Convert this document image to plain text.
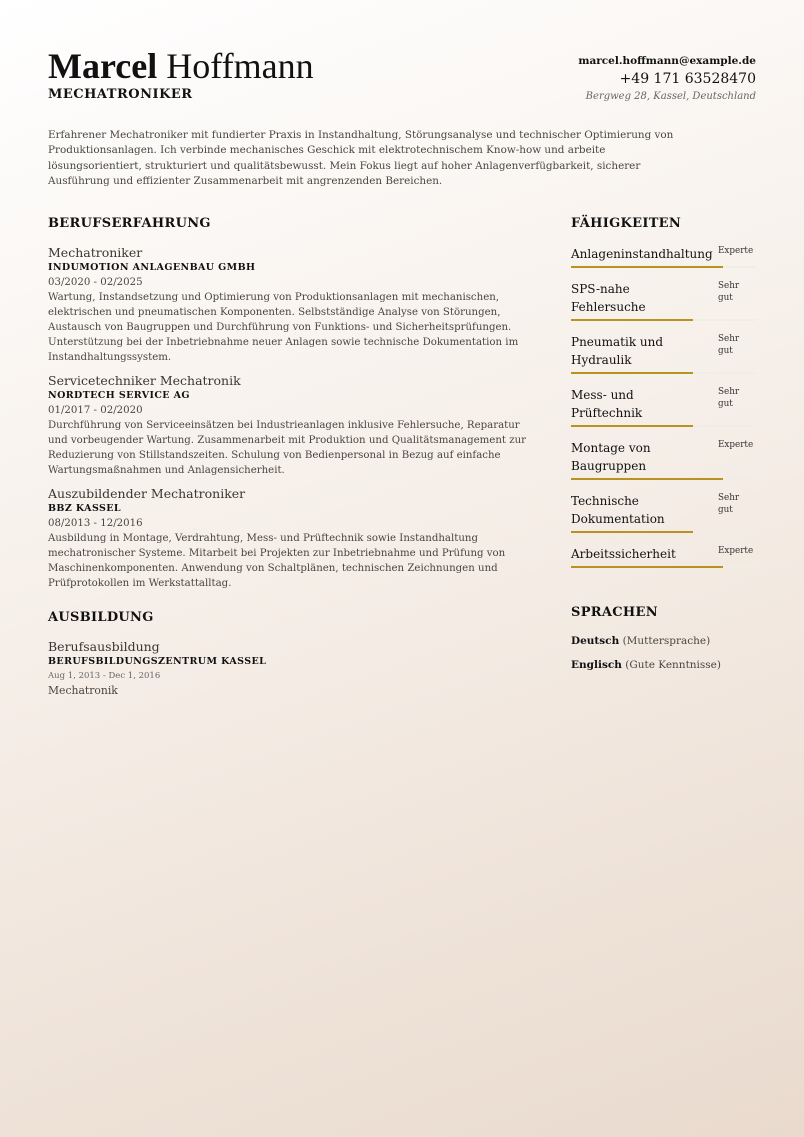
Marcel Hoffmann
MECHATRONIKER
marcel.hoffmann@example.de
+49 171 63528470
Bergweg 28, Kassel, Deutschland
Erfahrener Mechatroniker mit fundierter Praxis in Instandhaltung, Störungsanalyse und technischer Optimierung von Produktionsanlagen. Ich verbinde mechanisches Geschick mit elektrotechnischem Know-how und arbeite lösungsorientiert, strukturiert und qualitätsbewusst. Mein Fokus liegt auf hoher Anlagenverfügbarkeit, sicherer Ausführung und effizienter Zusammenarbeit mit angrenzenden Bereichen.
BERUFSERFAHRUNG
Mechatroniker
INDUMOTION ANLAGENBAU GMBH
03/2020 - 02/2025
Wartung, Instandsetzung und Optimierung von Produktionsanlagen mit mechanischen, elektrischen und pneumatischen Komponenten. Selbstständige Analyse von Störungen, Austausch von Baugruppen und Durchführung von Funktions- und Sicherheitsprüfungen. Unterstützung bei der Inbetriebnahme neuer Anlagen sowie technische Dokumentation im Instandhaltungssystem.
Servicetechniker Mechatronik
NORDTECH SERVICE AG
01/2017 - 02/2020
Durchführung von Serviceeinsätzen bei Industrieanlagen inklusive Fehlersuche, Reparatur und vorbeugender Wartung. Zusammenarbeit mit Produktion und Qualitätsmanagement zur Reduzierung von Stillstandszeiten. Schulung von Bedienpersonal in Bezug auf einfache Wartungsmaßnahmen und Anlagensicherheit.
Auszubildender Mechatroniker
BBZ KASSEL
08/2013 - 12/2016
Ausbildung in Montage, Verdrahtung, Mess- und Prüftechnik sowie Instandhaltung mechatronischer Systeme. Mitarbeit bei Projekten zur Inbetriebnahme und Prüfung von Maschinenkomponenten. Anwendung von Schaltplänen, technischen Zeichnungen und Prüfprotokollen im Werkstattalltag.
AUSBILDUNG
Berufsausbildung
BERUFSBILDUNGSZENTRUM KASSEL
Aug 1, 2013 - Dec 1, 2016
Mechatronik
FÄHIGKEITEN
Anlageninstandhaltung Experte
SPS-nahe Fehlersuche
Sehr gut
Pneumatik und Hydraulik
Sehr gut
Mess- und Prüftechnik
Sehr gut
Montage von Baugruppen
Experte
Technische Dokumentation
Sehr gut
Arbeitssicherheit	Experte
SPRACHEN
Deutsch (Muttersprache)
Englisch (Gute Kenntnisse)
